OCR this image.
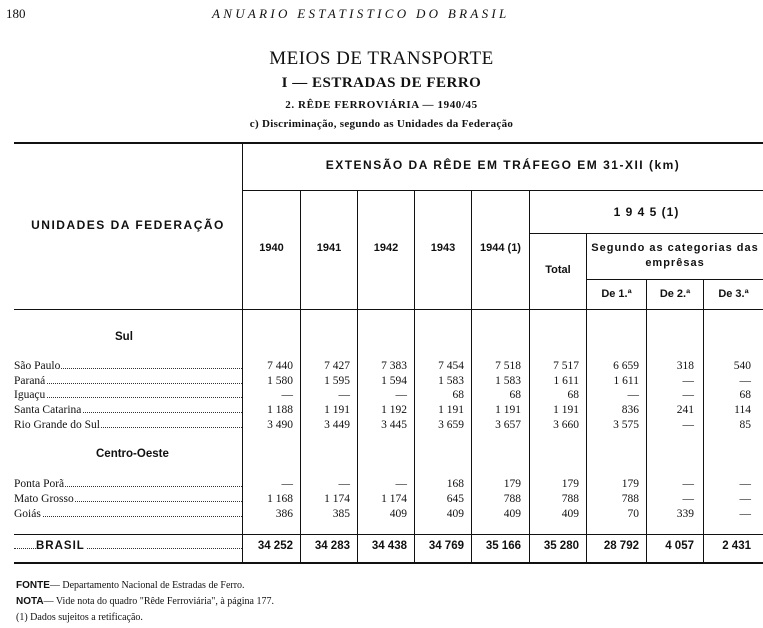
180	ANUARIO ESTATISTICO DO BRASIL
MEIOS DE TRANSPORTE
I — ESTRADAS DE FERRO
2. RÊDE FERROVIÁRIA — 1940/45
c) Discriminação, segundo as Unidades da Federação
UNIDADES DA FEDERAÇÃO
EXTENSÃO DA RÊDE EM TRÁFEGO EM 31-XII (km)
1 9 4 5 (1)
1940	1941	1942	1943	1944 (1)
Total
Segundo as categorias das emprêsas
De 1.ª	De 2.ª	De 3.ª
Sul
Centro-Oeste
São Paulo	7 440	7 427	7 383	7 454	7 518	7 517	6 659	318	540
Paraná	1 580	1 595	1 594	1 583	1 583	1 611	1 611	—	—
Iguaçu	—	—	—	68	68	68	—	—	68
Santa Catarina	1 188	1 191	1 192	1 191	1 191	1 191	836	241	114
Rio Grande do Sul	3 490	3 449	3 445	3 659	3 657	3 660	3 575	—	85
Ponta Porã	—	—	—	168	179	179	179	—	—
Mato Grosso	1 168	1 174	1 174	645	788	788	788	—	—
Goiás	386	385	409	409	409	409	70	339	—
BRASIL	34 252	34 283	34 438	34 769	35 166	35 280	28 792	4 057	2 431
FONTE— Departamento Nacional de Estradas de Ferro.
NOTA— Vide nota do quadro "Rêde Ferroviária", à página 177.
(1) Dados sujeitos a retificação.
